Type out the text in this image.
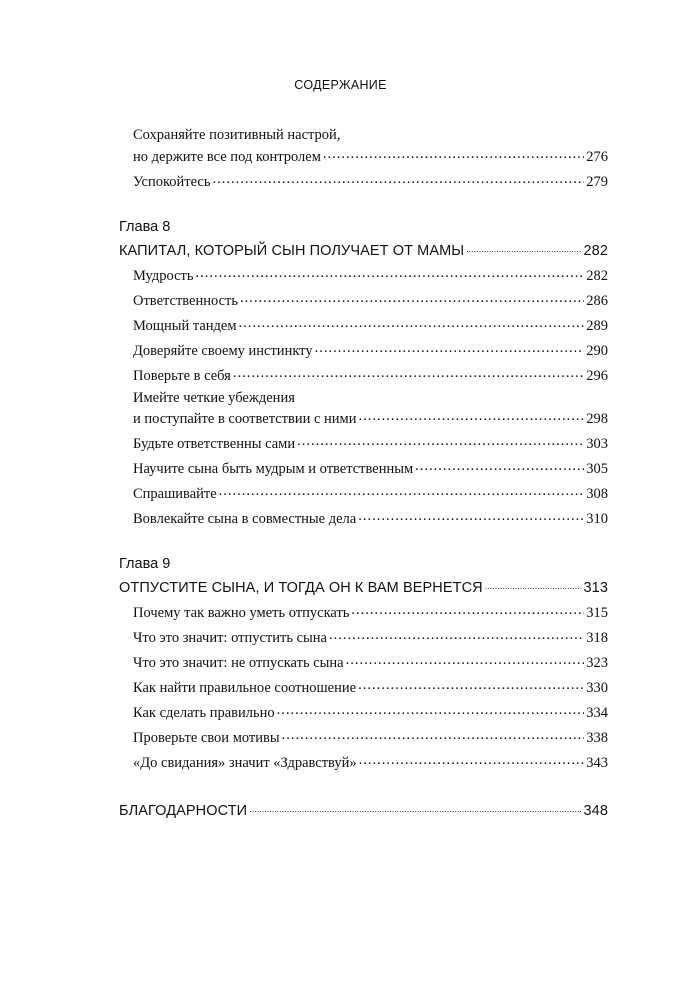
СОДЕРЖАНИЕ
Сохраняйте позитивный настрой,
но держите все под контролем .....	276
Успокойтесь .....	279
Глава 8
КАПИТАЛ, КОТОРЫЙ СЫН ПОЛУЧАЕТ ОТ МАМЫ .....	282
Мудрость .....	282
Ответственность .....	286
Мощный тандем .....	289
Доверяйте своему инстинкту .....	290
Поверьте в себя .....	296
Имейте четкие убеждения
и поступайте в соответствии с ними .....	298
Будьте ответственны сами .....	303
Научите сына быть мудрым и ответственным .....	305
Спрашивайте .....	308
Вовлекайте сына в совместные дела .....	310
Глава 9
ОТПУСТИТЕ СЫНА, И ТОГДА ОН К ВАМ ВЕРНЕТСЯ .....	313
Почему так важно уметь отпускать .....	315
Что это значит: отпустить сына .....	318
Что это значит: не отпускать сына .....	323
Как найти правильное соотношение .....	330
Как сделать правильно .....	334
Проверьте свои мотивы .....	338
«До свидания» значит «Здравствуй» .....	343
БЛАГОДАРНОСТИ .....	348
